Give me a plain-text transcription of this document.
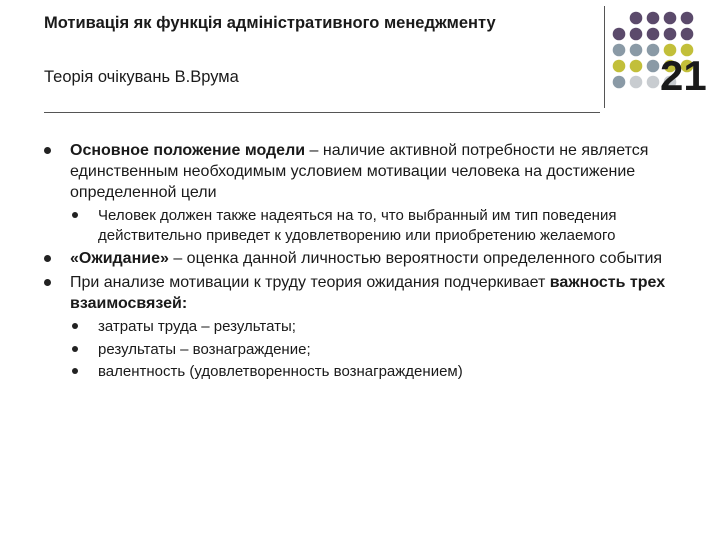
Мотивація як функція адміністративного менеджменту
Теорія очікувань В.Врума	21
Основное положение модели – наличие активной потребности не является единственным необходимым условием мотивации человека на достижение определенной цели
Человек должен также надеяться на то, что выбранный им тип поведения действительно приведет к удовлетворению или приобретению желаемого
«Ожидание» – оценка данной личностью вероятности определенного события
При анализе мотивации к труду теория ожидания подчеркивает важность трех взаимосвязей:
затраты труда – результаты;
результаты – вознаграждение;
валентность (удовлетворенность вознаграждением)
